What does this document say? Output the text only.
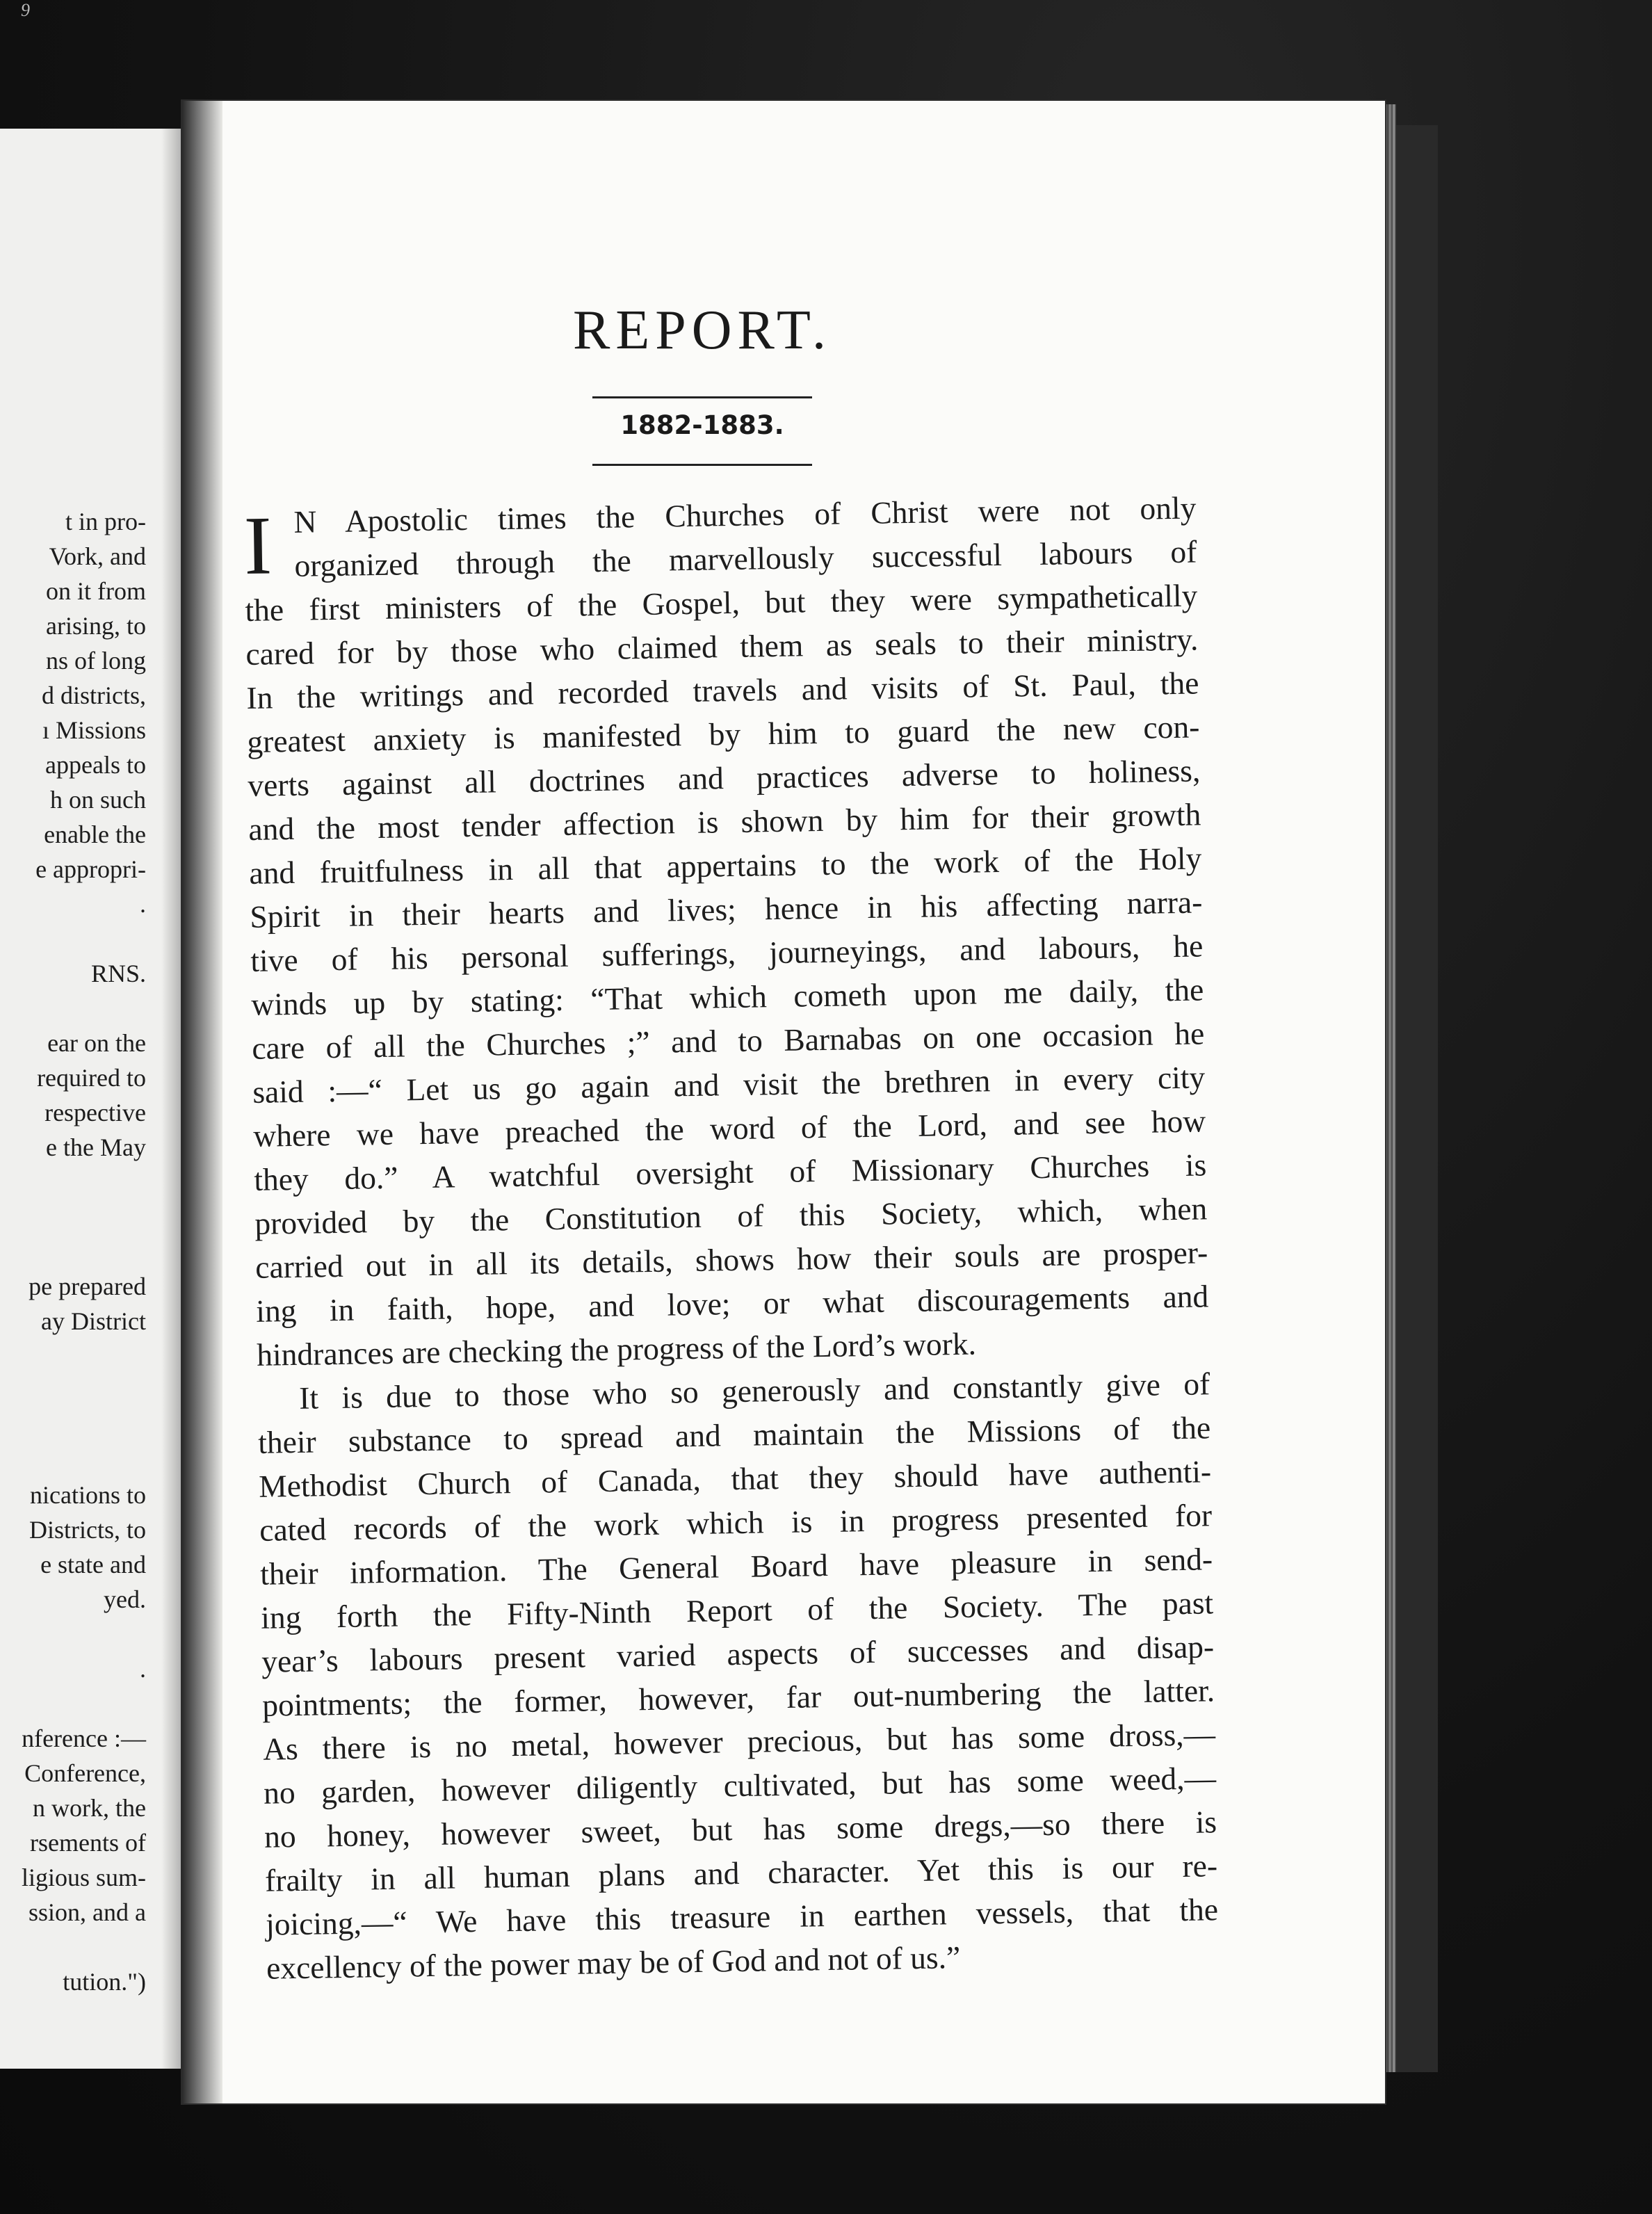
9
t in pro-
Vork, and
on it from
arising, to
ns of long
d districts,
ı Missions
appeals to
h on such
enable the
e appropri-
.
RNS.
ear on the
required to
respective
e the May
pe prepared
ay District
nications to
Districts, to
e state and
yed.
.
nference :—
Conference,
n work, the
rsements of
ligious sum-
ssion, and a
tution.")
REPORT.
1882-1883.
I N Apostolic times the Churches of Christ were not only
organized through the marvellously successful labours of
the first ministers of the Gospel, but they were sympathetically
cared for by those who claimed them as seals to their ministry.
In the writings and recorded travels and visits of St. Paul, the
greatest anxiety is manifested by him to guard the new con-
verts against all doctrines and practices adverse to holiness,
and the most tender affection is shown by him for their growth
and fruitfulness in all that appertains to the work of the Holy
Spirit in their hearts and lives; hence in his affecting narra-
tive of his personal sufferings, journeyings, and labours, he
winds up by stating: “That which cometh upon me daily, the
care of all the Churches ;” and to Barnabas on one occasion he
said :—“ Let us go again and visit the brethren in every city
where we have preached the word of the Lord, and see how
they do.” A watchful oversight of Missionary Churches is
provided by the Constitution of this Society, which, when
carried out in all its details, shows how their souls are prosper-
ing in faith, hope, and love; or what discouragements and
hindrances are checking the progress of the Lord’s work.
It is due to those who so generously and constantly give of
their substance to spread and maintain the Missions of the
Methodist Church of Canada, that they should have authenti-
cated records of the work which is in progress presented for
their information. The General Board have pleasure in send-
ing forth the Fifty-Ninth Report of the Society. The past
year’s labours present varied aspects of successes and disap-
pointments; the former, however, far out-numbering the latter.
As there is no metal, however precious, but has some dross,—
no garden, however diligently cultivated, but has some weed,—
no honey, however sweet, but has some dregs,—so there is
frailty in all human plans and character. Yet this is our re-
joicing,—“ We have this treasure in earthen vessels, that the
excellency of the power may be of God and not of us.”
